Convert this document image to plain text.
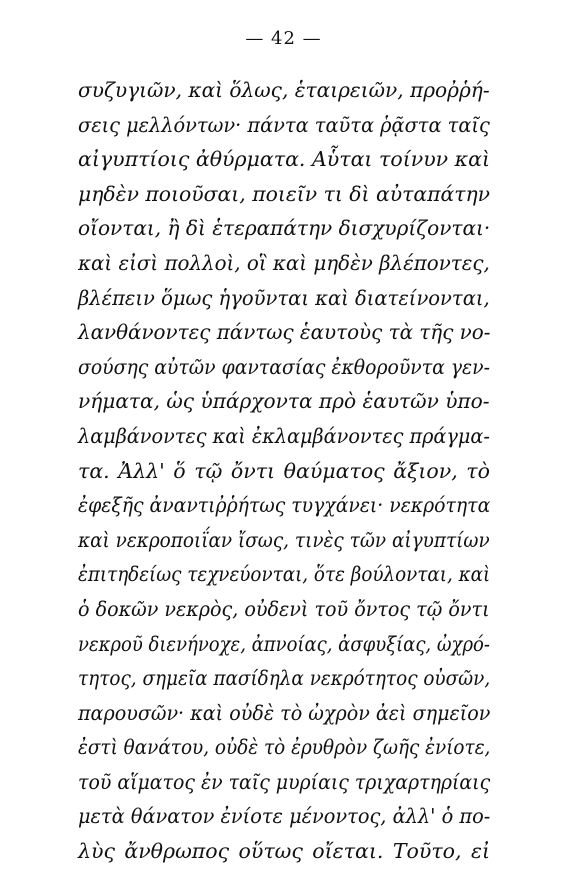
— 42 —
συζυγιῶν, καὶ ὅλως, ἑταιρειῶν, προῤῥή-
σεις μελλόντων· πάντα ταῦτα ῥᾷστα ταῖς
αἰγυπτίοις ἀθύρματα. Αὗται τοίνυν καὶ
μηδὲν ποιοῦσαι, ποιεῖν τι δὶ αὐταπάτην
οἴονται, ἢ δὶ ἑτεραπάτην δισχυρίζονται·
καὶ εἰσὶ πολλοὶ, οἳ καὶ μηδὲν βλέποντες,
βλέπειν ὅμως ἡγοῦνται καὶ διατείνονται,
λανθάνοντες πάντως ἑαυτοὺς τὰ τῆς νο-
σούσης αὐτῶν φαντασίας ἐκθοροῦντα γεν-
νήματα, ὡς ὑπάρχοντα πρὸ ἑαυτῶν ὑπο-
λαμβάνοντες καὶ ἐκλαμβάνοντες πράγμα-
τα. Ἀλλ' ὅ τῷ ὄντι θαύματος ἄξιον, τὸ
ἐφεξῆς ἀναντιῤῥήτως τυγχάνει· νεκρότητα
καὶ νεκροποιΐαν ἴσως, τινὲς τῶν αἰγυπτίων
ἐπιτηδείως τεχνεύονται, ὅτε βούλονται, καὶ
ὁ δοκῶν νεκρὸς, οὐδενὶ τοῦ ὄντος τῷ ὄντι
νεκροῦ διενήνοχε, ἀπνοίας, ἀσφυξίας, ὠχρό-
τητος, σημεῖα πασίδηλα νεκρότητος οὐσῶν,
παρουσῶν· καὶ οὐδὲ τὸ ὠχρὸν ἀεὶ σημεῖον
ἐστὶ θανάτου, οὐδὲ τὸ ἐρυθρὸν ζωῆς ἐνίοτε,
τοῦ αἵματος ἐν ταῖς μυρίαις τριχαρτηρίαις
μετὰ θάνατον ἐνίοτε μένοντος, ἀλλ' ὁ πο-
λὺς ἄνθρωπος οὕτως οἴεται. Τοῦτο, εἰ
